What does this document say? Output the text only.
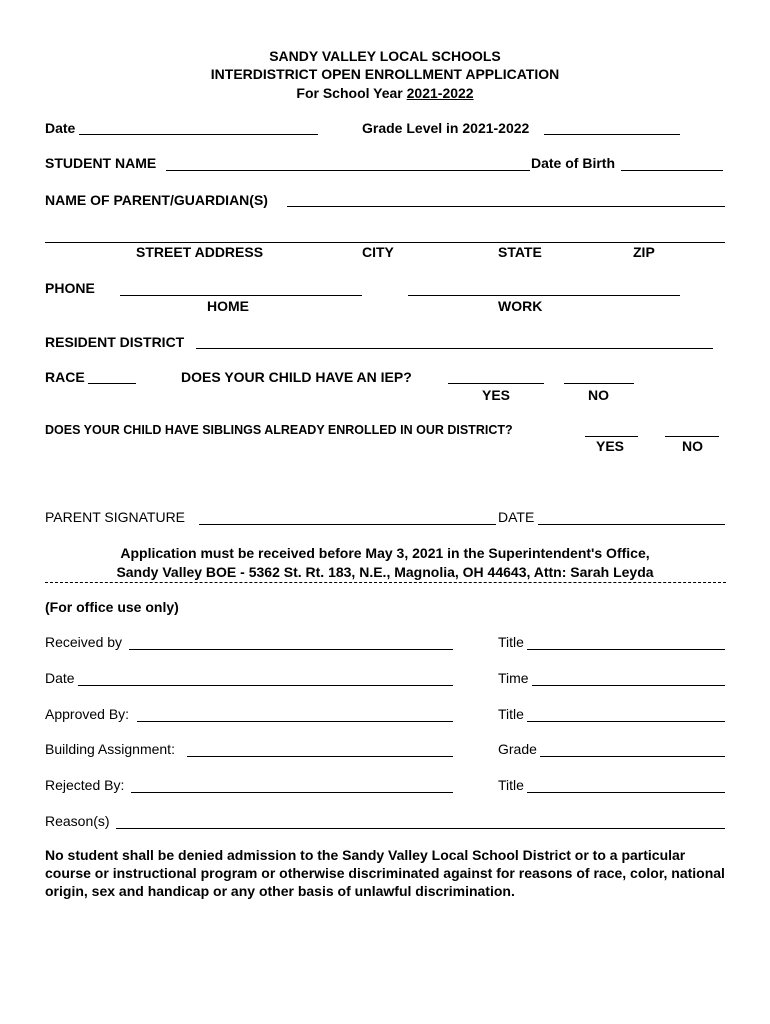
SANDY VALLEY LOCAL SCHOOLS
INTERDISTRICT OPEN ENROLLMENT APPLICATION
For School Year 2021-2022
Date	Grade Level in 2021-2022
STUDENT NAME	Date of Birth
NAME OF PARENT/GUARDIAN(S)
STREET ADDRESS	CITY	STATE	ZIP
PHONE
HOME	WORK
RESIDENT DISTRICT
RACE	DOES YOUR CHILD HAVE AN IEP?
YES	NO
DOES YOUR CHILD HAVE SIBLINGS ALREADY ENROLLED IN OUR DISTRICT?
YES	NO
PARENT SIGNATURE	DATE
Application must be received before May 3, 2021 in the Superintendent's Office,
Sandy Valley BOE - 5362 St. Rt. 183, N.E., Magnolia, OH 44643, Attn: Sarah Leyda
(For office use only)
Received by	Title
Date	Time
Approved By:	Title
Building Assignment:	Grade
Rejected By:	Title
Reason(s)
No student shall be denied admission to the Sandy Valley Local School District or to a particular course or instructional program or otherwise discriminated against for reasons of race, color, national origin, sex and handicap or any other basis of unlawful discrimination.
